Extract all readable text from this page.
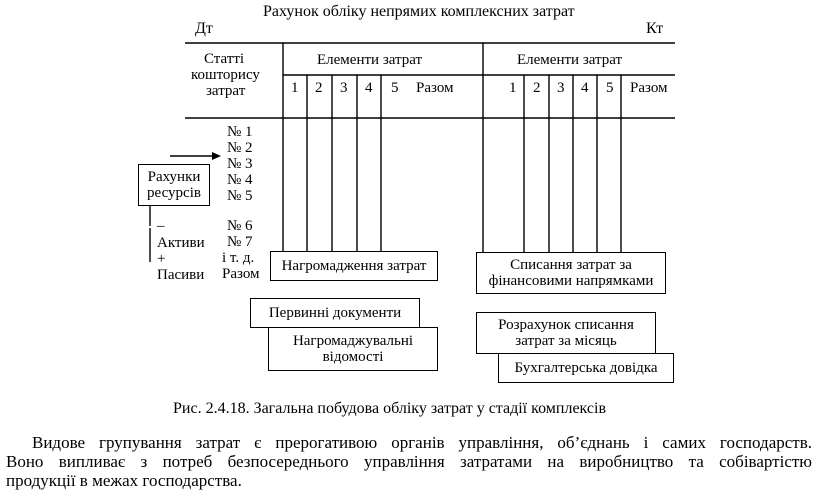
Рахунок обліку непрямих комплексних затрат
Дт	Кт
Статті
кошторису
затрат
Елементи затрат	Елементи затрат
1 2 3 4 5 Разом	1 2 3 4 5 Разом
№ 1
№ 2
№ 3
№ 4
№ 5
№ 6
№ 7
і т. д.
Разом
Рахунки
ресурсів
–
Активи
+
Пасиви
Нагромадження затрат	Списання затрат за
фінансовими напрямками
Первинні документи
Нагромаджувальні
відомості
Розрахунок списання
затрат за місяць
Бухгалтерська довідка
Рис. 2.4.18. Загальна побудова обліку затрат у стадії комплексів
Видове групування затрат є прерогативою органів управління, об’єднань і самих господарств.
Воно випливає з потреб безпосереднього управління затратами на виробництво та собівартістю
продукції в межах господарства.
